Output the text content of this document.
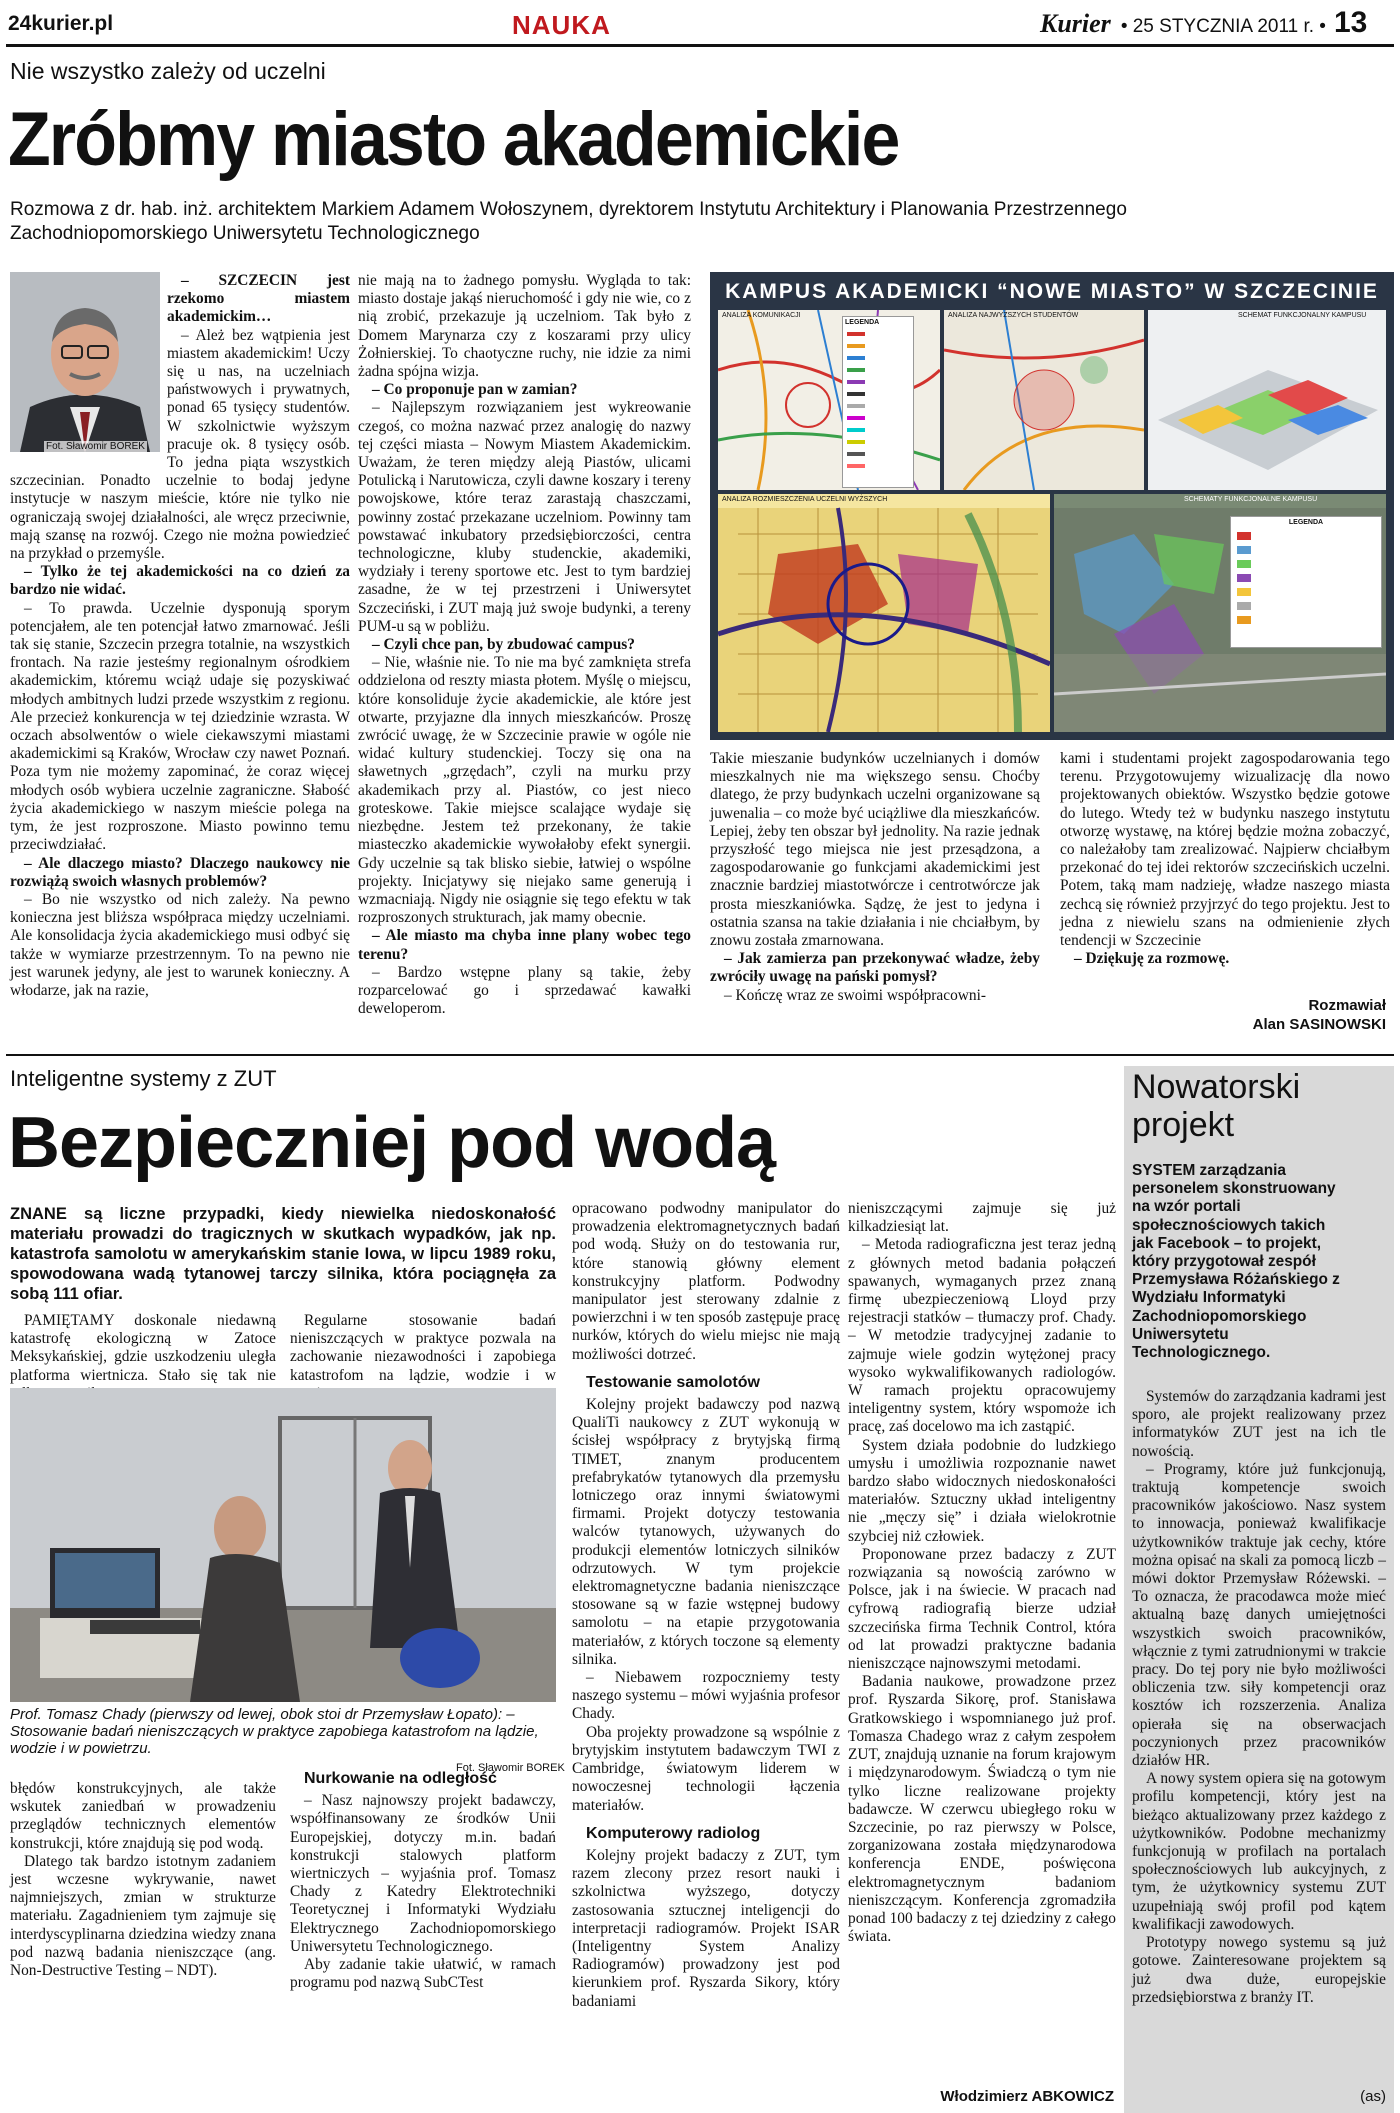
24kurier.pl	NAUKA	Kurier • 25 STYCZNIA 2011 r. • 13
Nie wszystko zależy od uczelni
Zróbmy miasto akademickie
Rozmowa z dr. hab. inż. architektem Markiem Adamem Wołoszynem, dyrektorem Instytutu Architektury i Planowania Przestrzennego Zachodniopomorskiego Uniwersytetu Technologicznego
Fot. Sławomir BOREK

– SZCZECIN jest rzekomo miastem akademickim…

– Ależ bez wątpienia jest miastem akademickim! Uczy się u nas, na uczelniach państwowych i prywatnych, ponad 65 tysięcy studentów. W szkolnictwie wyższym pracuje ok. 8 tysięcy osób. To jedna piąta wszystkich szczecinian. Ponadto uczelnie to bodaj jedyne instytucje w naszym mieście, które nie tylko nie ograniczają swojej działalności, ale wręcz przeciwnie, mają szansę na rozwój. Czego nie można powiedzieć na przykład o przemyśle.

– Tylko że tej akademickości na co dzień za bardzo nie widać.

– To prawda. Uczelnie dysponują sporym potencjałem, ale ten potencjał łatwo zmarnować. Jeśli tak się stanie, Szczecin przegra totalnie, na wszystkich frontach. Na razie jesteśmy regionalnym ośrodkiem akademickim, któremu wciąż udaje się pozyskiwać młodych ambitnych ludzi przede wszystkim z regionu. Ale przecież konkurencja w tej dziedzinie wzrasta. W oczach absolwentów o wiele ciekawszymi miastami akademickimi są Kraków, Wrocław czy nawet Poznań. Poza tym nie możemy zapominać, że coraz więcej młodych osób wybiera uczelnie zagraniczne. Słabość życia akademickiego w naszym mieście polega na tym, że jest rozproszone. Miasto powinno temu przeciwdziałać.

– Ale dlaczego miasto? Dlaczego naukowcy nie rozwiążą swoich własnych problemów?

– Bo nie wszystko od nich zależy. Na pewno konieczna jest bliższa współpraca między uczelniami. Ale konsolidacja życia akademickiego musi odbyć się także w wymiarze przestrzennym. To na pewno nie jest warunek jedyny, ale jest to warunek konieczny. A włodarze, jak na razie,

nie mają na to żadnego pomysłu. Wygląda to tak: miasto dostaje jakąś nieruchomość i gdy nie wie, co z nią zrobić, przekazuje ją uczelniom. Tak było z Domem Marynarza czy z koszarami przy ulicy Żołnierskiej. To chaotyczne ruchy, nie idzie za nimi żadna spójna wizja.

– Co proponuje pan w zamian?

– Najlepszym rozwiązaniem jest wykreowanie czegoś, co można nazwać przez analogię do nazwy tej części miasta – Nowym Miastem Akademickim. Uważam, że teren między aleją Piastów, ulicami Potulicką i Narutowicza, czyli dawne koszary i tereny powojskowe, które teraz zarastają chaszczami, powinny zostać przekazane uczelniom. Powinny tam powstawać inkubatory przedsiębiorczości, centra technologiczne, kluby studenckie, akademiki, wydziały i tereny sportowe etc. Jest to tym bardziej zasadne, że w tej przestrzeni i Uniwersytet Szczeciński, i ZUT mają już swoje budynki, a tereny PUM-u są w pobliżu.

– Czyli chce pan, by zbudować campus?

– Nie, właśnie nie. To nie ma być zamknięta strefa oddzielona od reszty miasta płotem. Myślę o miejscu, które konsoliduje życie akademickie, ale które jest otwarte, przyjazne dla innych mieszkańców. Proszę zwrócić uwagę, że w Szczecinie prawie w ogóle nie widać kultury studenckiej. Toczy się ona na sławetnych „grzędach”, czyli na murku przy akademikach przy al. Piastów, co jest nieco groteskowe. Takie miejsce scalające wydaje się niezbędne. Jestem też przekonany, że takie miasteczko akademickie wywołałoby efekt synergii. Gdy uczelnie są tak blisko siebie, łatwiej o wspólne projekty. Inicjatywy się niejako same generują i wzmacniają. Nigdy nie osiągnie się tego efektu w tak rozproszonych strukturach, jak mamy obecnie.

– Ale miasto ma chyba inne plany wobec tego terenu?

– Bardzo wstępne plany są takie, żeby rozparcelować go i sprzedawać kawałki deweloperom.

KAMPUS AKADEMICKI “NOWE MIASTO” W SZCZECINIE
ANALIZA KOMUNIKACJI
LEGENDA
ANALIZA NAJWYŻSZYCH STUDENTÓW	SCHEMAT FUNKCJONALNY KAMPUSU
ANALIZA ROZMIESZCZENIA UCZELNI WYŻSZYCH	SCHEMATY FUNKCJONALNE KAMPUSU
LEGENDA

Takie mieszanie budynków uczelnianych i domów mieszkalnych nie ma większego sensu. Choćby dlatego, że przy budynkach uczelni organizowane są juwenalia – co może być uciążliwe dla mieszkańców. Lepiej, żeby ten obszar był jednolity. Na razie jednak przyszłość tego miejsca nie jest przesądzona, a zagospodarowanie go funkcjami akademickimi jest znacznie bardziej miastotwórcze i centrotwórcze jak prosta mieszkaniówka. Sądzę, że jest to jedyna i ostatnia szansa na takie działania i nie chciałbym, by znowu została zmarnowana.

– Jak zamierza pan przekonywać władze, żeby zwróciły uwagę na pański pomysł?

– Kończę wraz ze swoimi współpracowni-

kami i studentami projekt zagospodarowania tego terenu. Przygotowujemy wizualizację dla nowo projektowanych obiektów. Wszystko będzie gotowe do lutego. Wtedy też w budynku naszego instytutu otworzę wystawę, na której będzie można zobaczyć, co należałoby tam zrealizować. Najpierw chciałbym przekonać do tej idei rektorów szczecińskich uczelni. Potem, taką mam nadzieję, władze naszego miasta zechcą się również przyjrzyć do tego projektu. Jest to jedna z niewielu szans na odmienienie złych tendencji w Szczecinie

– Dziękuję za rozmowę.

Rozmawiał
Alan SASINOWSKI
Inteligentne systemy z ZUT
Bezpieczniej pod wodą
ZNANE są liczne przypadki, kiedy niewielka niedoskonałość materiału prowadzi do tragicznych w skutkach wypadków, jak np. katastrofa samolotu w amerykańskim stanie Iowa, w lipcu 1989 roku, spowodowana wadą tytanowej tarczy silnika, która pociągnęła za sobą 111 ofiar.

PAMIĘTAMY doskonale niedawną katastrofę ekologiczną w Zatoce Meksykańskiej, gdzie uszkodzeniu uległa platforma wiertnicza. Stało się tak nie

Regularne stosowanie badań nieniszczących w praktyce pozwala na zachowanie niezawodności i zapobiega katastrofom na lądzie, wodzie i w

Prof. Tomasz Chady (pierwszy od lewej, obok stoi dr Przemysław Łopato): – Stosowanie badań nieniszczących w praktyce zapobiega katastrofom na lądzie, wodzie i w powietrzu.
Fot. Sławomir BOREK

błędów konstrukcyjnych, ale także wskutek zaniedbań w prowadzeniu przeglądów technicznych elementów konstrukcji, które znajdują się pod wodą.

Dlatego tak bardzo istotnym zadaniem jest wczesne wykrywanie, nawet najmniejszych, zmian w strukturze materiału. Zagadnieniem tym zajmuje się interdyscyplinarna dziedzina wiedzy znana pod nazwą badania nieniszczące (ang. Non-Destructive Testing – NDT).

Nurkowanie na odległość

– Nasz najnowszy projekt badawczy, współfinansowany ze środków Unii Europejskiej, dotyczy m.in. badań konstrukcji stalowych platform wiertniczych – wyjaśnia prof. Tomasz Chady z Katedry Elektrotechniki Teoretycznej i Informatyki Wydziału Elektrycznego Zachodniopomorskiego Uniwersytetu Technologicznego.

Aby zadanie takie ułatwić, w ramach programu pod nazwą SubCTest

opracowano podwodny manipulator do prowadzenia elektromagnetycznych badań pod wodą. Służy on do testowania rur, które stanowią główny element konstrukcyjny platform. Podwodny manipulator jest sterowany zdalnie z powierzchni i w ten sposób zastępuje pracę nurków, których do wielu miejsc nie mają możliwości dotrzeć.

Testowanie samolotów

Kolejny projekt badawczy pod nazwą QualiTi naukowcy z ZUT wykonują w ścisłej współpracy z brytyjską firmą TIMET, znanym producentem prefabrykatów tytanowych dla przemysłu lotniczego oraz innymi światowymi firmami. Projekt dotyczy testowania walców tytanowych, używanych do produkcji elementów lotniczych silników odrzutowych. W tym projekcie elektromagnetyczne badania nieniszczące stosowane są w fazie wstępnej budowy samolotu – na etapie przygotowania materiałów, z których toczone są elementy silnika.

– Niebawem rozpoczniemy testy naszego systemu – mówi wyjaśnia profesor Chady.

Oba projekty prowadzone są wspólnie z brytyjskim instytutem badawczym TWI z Cambridge, światowym liderem w nowoczesnej technologii łączenia materiałów.

Komputerowy radiolog

Kolejny projekt badaczy z ZUT, tym razem zlecony przez resort nauki i szkolnictwa wyższego, dotyczy zastosowania sztucznej inteligencji do interpretacji radiogramów. Projekt ISAR (Inteligentny System Analizy Radiogramów) prowadzony jest pod kierunkiem prof. Ryszarda Sikory, który badaniami

nieniszczącymi zajmuje się już kilkadziesiąt lat.

– Metoda radiograficzna jest teraz jedną z głównych metod badania połączeń spawanych, wymaganych przez znaną firmę ubezpieczeniową Lloyd przy rejestracji statków – tłumaczy prof. Chady. – W metodzie tradycyjnej zadanie to zajmuje wiele godzin wytężonej pracy wysoko wykwalifikowanych radiologów. W ramach projektu opracowujemy inteligentny system, który wspomoże ich pracę, zaś docelowo ma ich zastąpić.

System działa podobnie do ludzkiego umysłu i umożliwia rozpoznanie nawet bardzo słabo widocznych niedoskonałości materiałów. Sztuczny układ inteligentny nie „męczy się” i działa wielokrotnie szybciej niż człowiek.

Proponowane przez badaczy z ZUT rozwiązania są nowością zarówno w Polsce, jak i na świecie. W pracach nad cyfrową radiografią bierze udział szczecińska firma Technik Control, która od lat prowadzi praktyczne badania nieniszczące najnowszymi metodami.

Badania naukowe, prowadzone przez prof. Ryszarda Sikorę, prof. Stanisława Gratkowskiego i wspomnianego już prof. Tomasza Chadego wraz z całym zespołem ZUT, znajdują uznanie na forum krajowym i międzynarodowym. Świadczą o tym nie tylko liczne realizowane projekty badawcze. W czerwcu ubiegłego roku w Szczecinie, po raz pierwszy w Polsce, zorganizowana została międzynarodowa konferencja ENDE, poświęcona elektromagnetycznym badaniom nieniszczącym. Konferencja zgromadziła ponad 100 badaczy z tej dziedziny z całego świata.

Włodzimierz ABKOWICZ
Nowatorski projekt
SYSTEM zarządzania personelem skonstruowany na wzór portali społecznościowych takich jak Facebook – to projekt, który przygotował zespół Przemysława Różańskiego z Wydziału Informatyki Zachodniopomorskiego Uniwersytetu Technologicznego.

Systemów do zarządzania kadrami jest sporo, ale projekt realizowany przez informatyków ZUT jest na ich tle nowością.

– Programy, które już funkcjonują, traktują kompetencje swoich pracowników jakościowo. Nasz system to innowacja, ponieważ kwalifikacje użytkowników traktuje jak cechy, które można opisać na skali za pomocą liczb – mówi doktor Przemysław Różewski. – To oznacza, że pracodawca może mieć aktualną bazę danych umiejętności wszystkich swoich pracowników, włącznie z tymi zatrudnionymi w trakcie pracy. Do tej pory nie było możliwości obliczenia tzw. siły kompetencji oraz kosztów ich rozszerzenia. Analiza opierała się na obserwacjach poczynionych przez pracowników działów HR.

A nowy system opiera się na gotowym profilu kompetencji, który jest na bieżąco aktualizowany przez każdego z użytkowników. Podobne mechanizmy funkcjonują w profilach na portalach społecznościowych lub aukcyjnych, z tym, że użytkownicy systemu ZUT uzupełniają swój profil pod kątem kwalifikacji zawodowych.

Prototypy nowego systemu są już gotowe. Zainteresowane projektem są już dwa duże, europejskie przedsiębiorstwa z branży IT.

(as)
